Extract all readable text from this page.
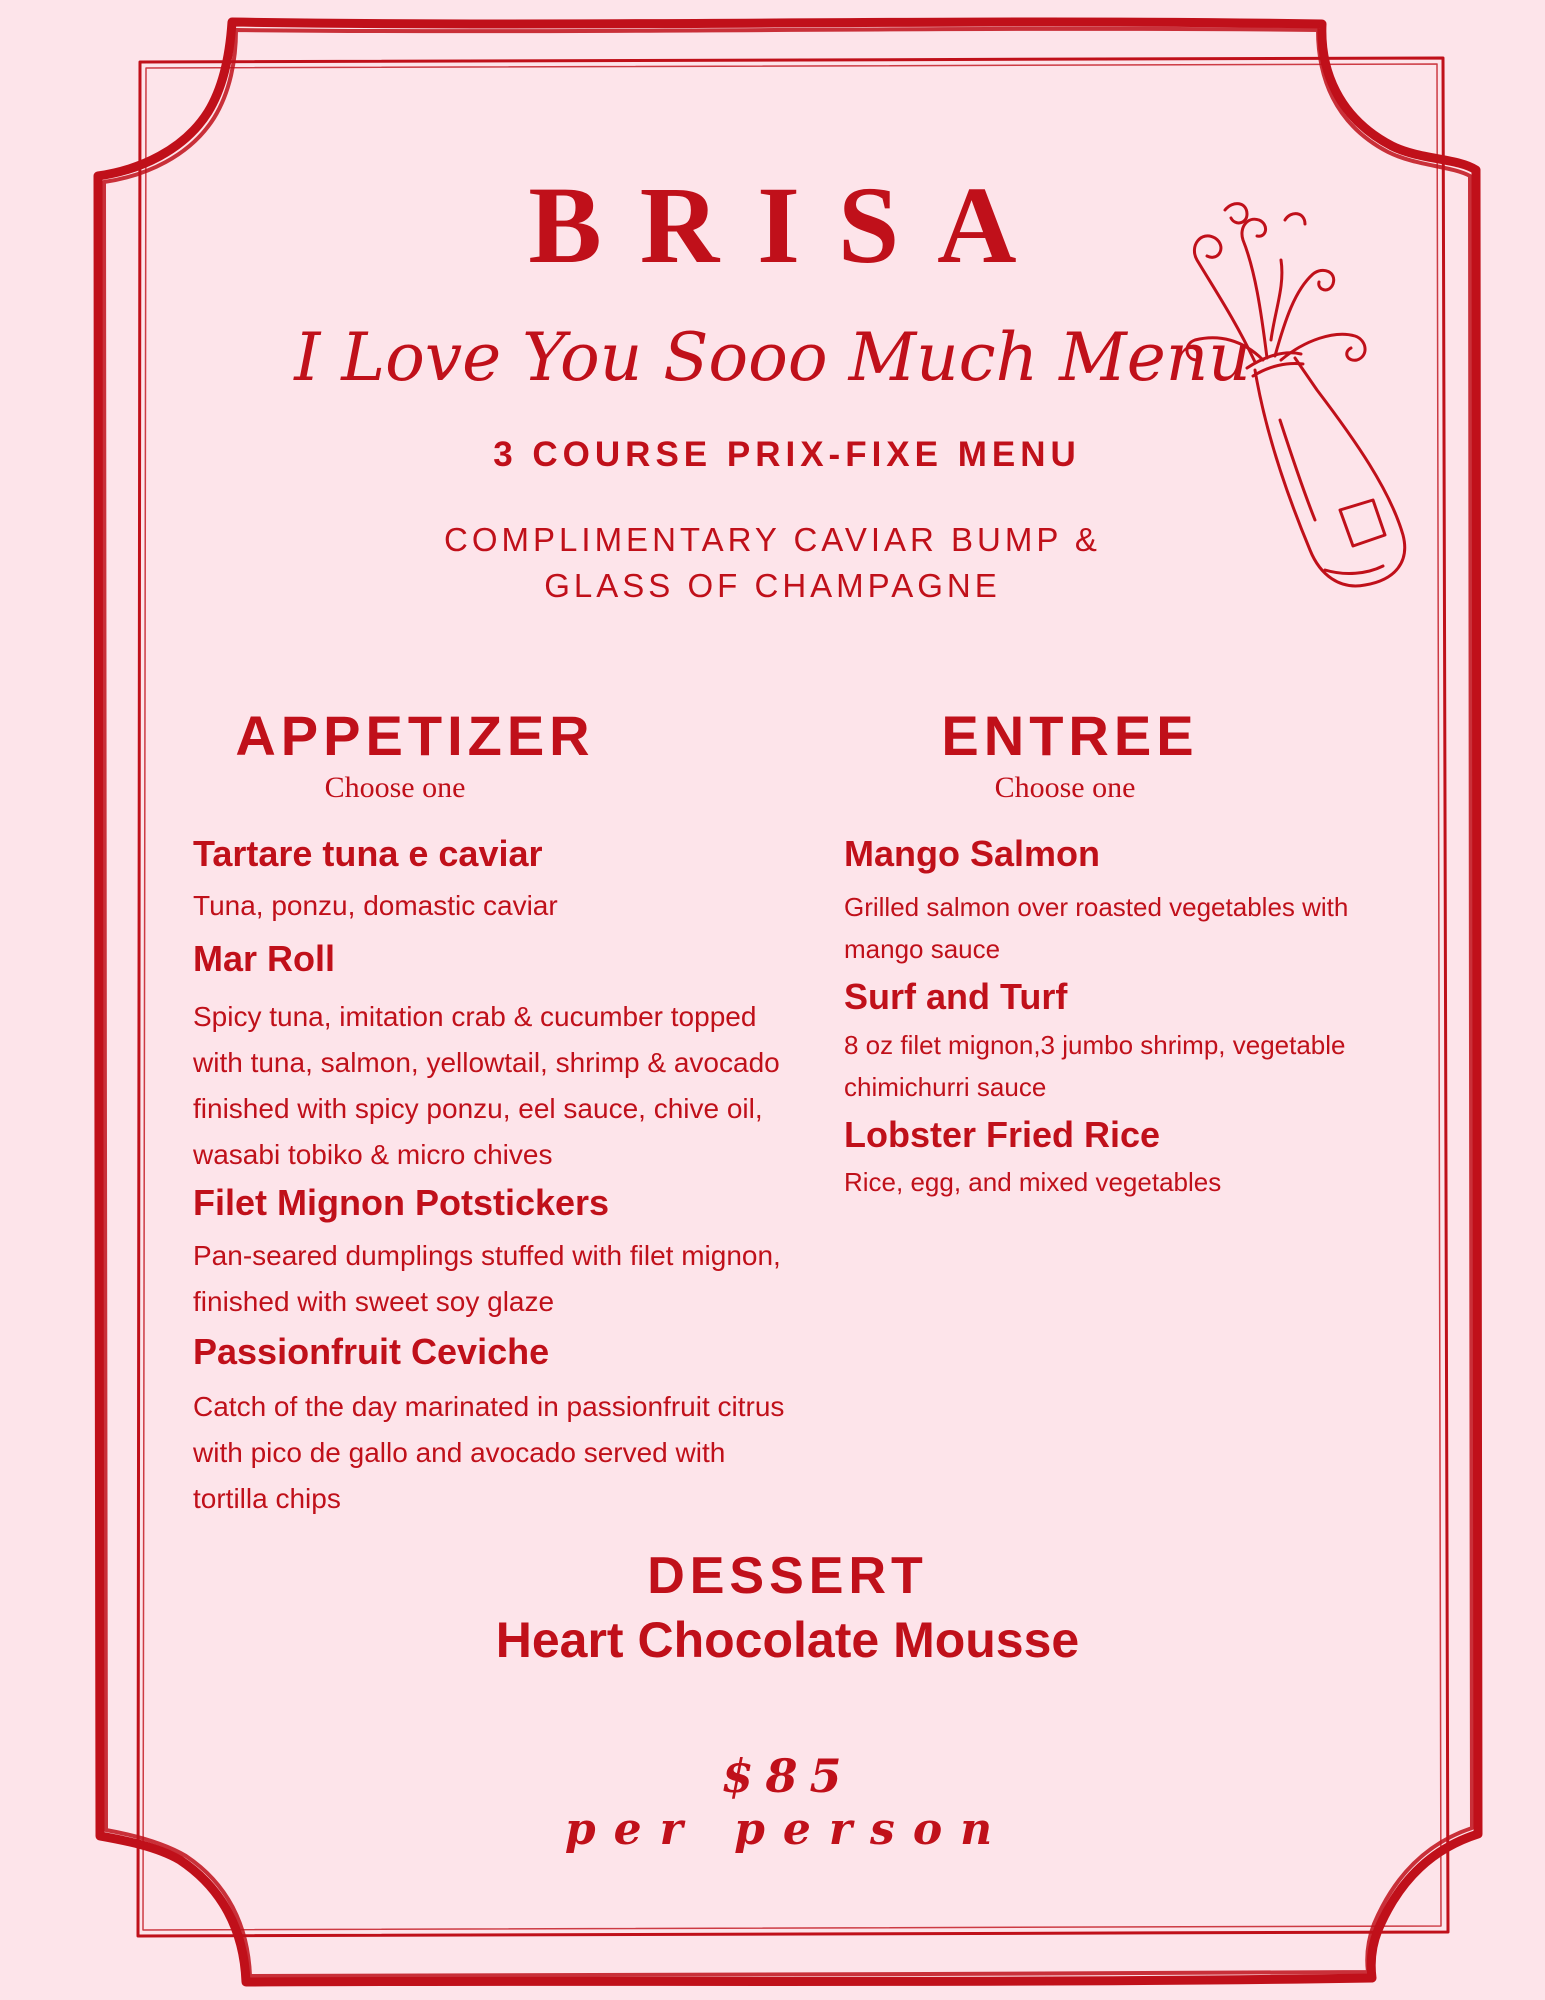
BRISA
I Love You Sooo Much Menu
3 COURSE PRIX-FIXE MENU
COMPLIMENTARY CAVIAR BUMP &
GLASS OF CHAMPAGNE
APPETIZER
Choose one
Tartare tuna e caviar
Tuna, ponzu, domastic caviar
Mar Roll
Spicy tuna, imitation crab & cucumber topped
with tuna, salmon, yellowtail, shrimp & avocado
finished with spicy ponzu, eel sauce, chive oil,
wasabi tobiko & micro chives
Filet Mignon Potstickers
Pan-seared dumplings stuffed with filet mignon,
finished with sweet soy glaze
Passionfruit Ceviche
Catch of the day marinated in passionfruit citrus
with pico de gallo and avocado served with
tortilla chips
ENTREE
Choose one
Mango Salmon
Grilled salmon over roasted vegetables with
mango sauce
Surf and Turf
8 oz filet mignon,3 jumbo shrimp, vegetable
chimichurri sauce
Lobster Fried Rice
Rice, egg, and mixed vegetables
DESSERT
Heart Chocolate Mousse
$85
per person
